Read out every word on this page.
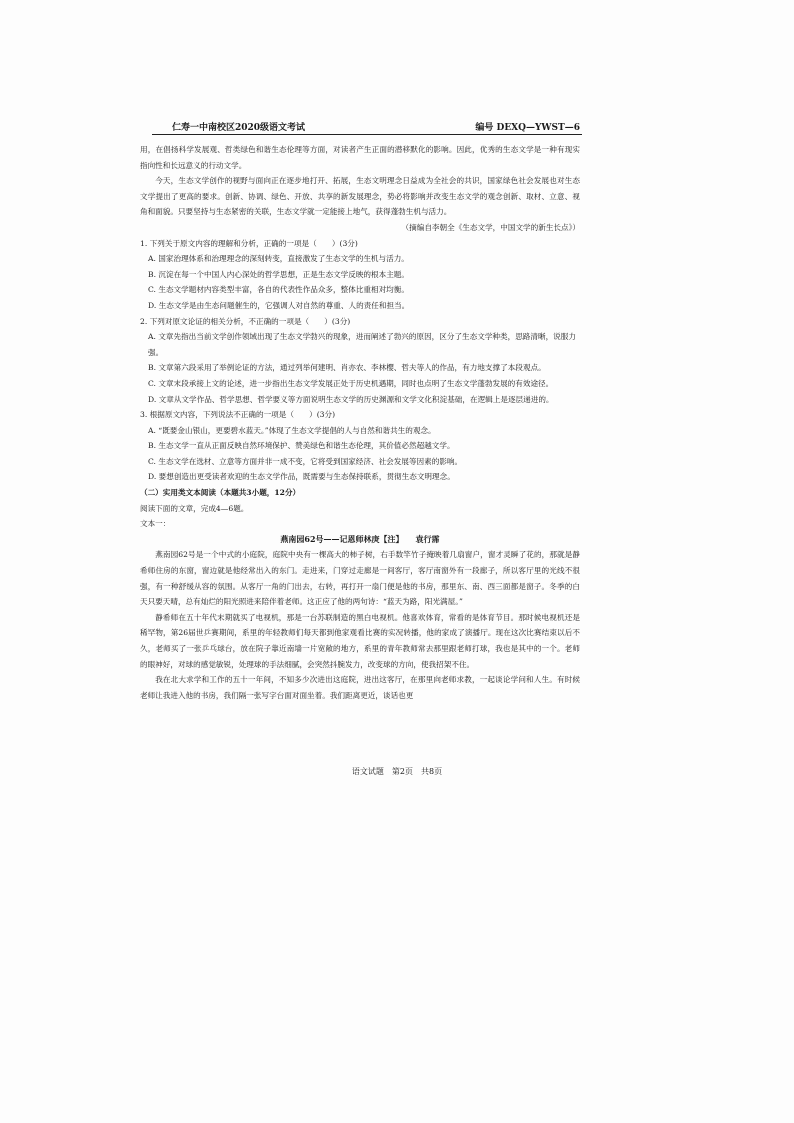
仁寿一中南校区2020级语文考试	编号 DEXQ—YWST—6

用，在倡扬科学发展观、哲类绿色和谐生态伦理等方面，对读者产生正面的潜移默化的影响。因此，优秀的生态文学是一种有现实指向性和长远意义的行动文学。

今天，生态文学创作的视野与面向正在逐步地打开、拓展，生态文明理念日益成为全社会的共识，国家绿色社会发展也对生态文学提出了更高的要求。创新、协调、绿色、开放、共享的新发展理念，势必将影响并改变生态文学的观念创新、取材、立意、视角和面貌。只要坚持与生态紧密的关联，生态文学就一定能接上地气，获得蓬勃生机与活力。

（摘编自李朝全《生态文学，中国文学的新生长点》）

1. 下列关于原文内容的理解和分析，正确的一项是（　　）(3分)

A. 国家治理体系和治理理念的深刻转变，直接激发了生态文学的生机与活力。

B. 沉淀在每一个中国人内心深处的哲学思想，正是生态文学反映的根本主题。

C. 生态文学题材内容类型丰富，各自的代表性作品众多，整体比重相对均衡。

D. 生态文学是由生态问题催生的，它强调人对自然的尊重、人的责任和担当。

2. 下列对原文论证的相关分析，不正确的一项是（　　）(3分)

A. 文章先指出当前文学创作领域出现了生态文学勃兴的现象，进而阐述了勃兴的原因，区分了生态文学种类，思路清晰，说服力强。

B. 文章第六段采用了举例论证的方法，通过列举何建明、肖亦农、李林樱、哲夫等人的作品，有力地支撑了本段观点。

C. 文章末段承接上文的论述，进一步指出生态文学发展正处于历史机遇期，同时也点明了生态文学蓬勃发展的有效途径。

D. 文章从文学作品、哲学思想、哲学要义等方面说明生态文学的历史渊源和文学文化积淀基础，在逻辑上是逐层递进的。

3. 根据原文内容，下列说法不正确的一项是（　　）(3分)

A. “既要金山银山，更要碧水蓝天。”体现了生态文学提倡的人与自然和谐共生的观念。

B. 生态文学一直从正面反映自然环境保护、赞美绿色和谐生态伦理，其价值必然超越文学。

C. 生态文学在选材、立意等方面并非一成不变，它将受到国家经济、社会发展等因素的影响。

D. 要想创造出更受读者欢迎的生态文学作品，既需要与生态保持联系，贯彻生态文明理念。

（二）实用类文本阅读（本题共3小题，12分）

阅读下面的文章，完成4—6题。

文本一：

燕南园62号——记恩师林庚【注】　　袁行霈

燕南园62号是一个中式的小庭院，庭院中央有一棵高大的柿子树，右手数竿竹子掩映着几扇窗户，窗才灵瞬了花的，那就是静希师住房的东窗，窗边就是他经常出入的东门。走进来，门穿过走廊是一间客厅，客厅南窗外有一段廊子，所以客厅里的光线不很强，有一种舒缓从容的氛围。从客厅一角的门出去，右转，再打开一扇门便是他的书房，那里东、南、西三面都是窗子。冬季的白天只要天晴，总有灿烂的阳光照进来陪伴着老师。这正应了他的两句诗：“蓝天为路，阳光满屋。”

静希师在五十年代末期就买了电视机，那是一台苏联制造的黑白电视机。他喜欢体育，常看的是体育节目。那时候电视机还是稀罕物，第26届世乒赛期间，系里的年轻教师们每天都到他家观看比赛的实况转播，他的家成了演播厅。现在这次比赛结束以后不久，老师买了一张乒乓球台，放在院子靠近南墙一片宽敞的地方，系里的青年教师常去那里跟老师打球，我也是其中的一个。老师的眼神好，对球的感觉敏锐，处理球的手法细腻，会突然抖腕发力，改变球的方向，使我招架不住。

我在北大求学和工作的五十一年间，不知多少次进出这庭院，进出这客厅，在那里向老师求教，一起谈论学问和人生。有时候老师让我进入他的书房，我们隔一张写字台面对面坐着。我们距离更近，谈话也更

语文试题　第2页　共8页
